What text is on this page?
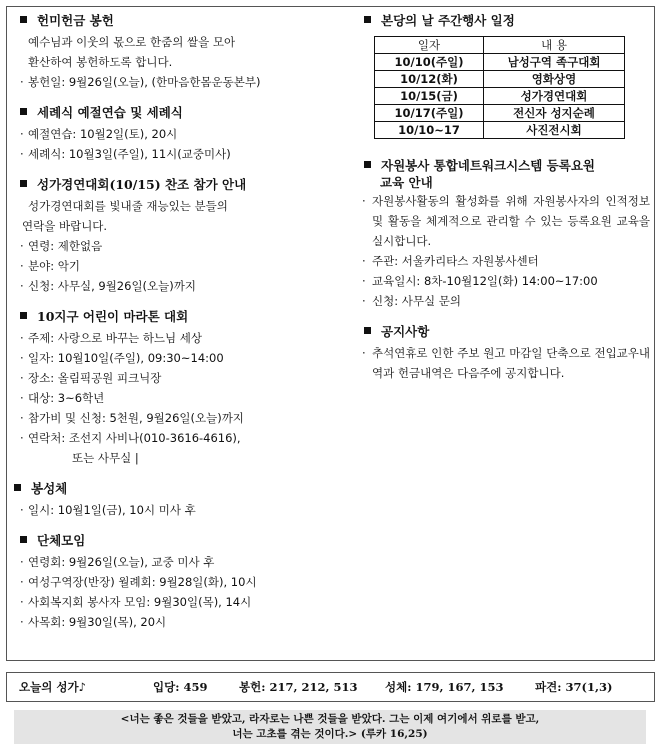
헌미헌금 봉헌
예수님과 이웃의 몫으로 한줌의 쌀을 모아
환산하여 봉헌하도록 합니다.
· 봉헌일: 9월26일(오늘), (한마음한몸운동본부)
세례식 예절연습 및 세례식
· 예절연습: 10월2일(토), 20시
· 세례식: 10월3일(주일), 11시(교중미사)
성가경연대회(10/15) 찬조 참가 안내
성가경연대회를 빛내줄 재능있는 분들의
연락을 바랍니다.
· 연령: 제한없음
· 분야: 악기
· 신청: 사무실, 9월26일(오늘)까지
10지구 어린이 마라톤 대회
· 주제: 사랑으로 바꾸는 하느님 세상
· 일자: 10월10일(주일), 09:30~14:00
· 장소: 올림픽공원 피크닉장
· 대상: 3~6학년
· 참가비 및 신청: 5천원, 9월26일(오늘)까지
· 연락처: 조선지 사비나(010-3616-4616),
또는 사무실 |
봉성체
· 일시: 10월1일(금), 10시 미사 후
단체모임
· 연령회: 9월26일(오늘), 교중 미사 후
· 여성구역장(반장) 월례회: 9월28일(화), 10시
· 사회복지회 봉사자 모임: 9월30일(목), 14시
· 사목회: 9월30일(목), 20시
본당의 날 주간행사 일정
일자	내 용
10/10(주일)	남성구역 족구대회
10/12(화)	영화상영
10/15(금)	성가경연대회
10/17(주일)	전신자 성지순례
10/10~17	사진전시회
자원봉사 통합네트워크시스템 등록요원
교육 안내
· 자원봉사활동의 활성화를 위해 자원봉사자의 인적정보 및 활동을 체계적으로 관리할 수 있는 등록요원 교육을 실시합니다.
· 주관: 서울카리타스 자원봉사센터
· 교육일시: 8차-10월12일(화) 14:00~17:00
· 신청: 사무실 문의
공지사항
· 추석연휴로 인한 주보 원고 마감일 단축으로 전입교우내역과 헌금내역은 다음주에 공지합니다.
오늘의 성가♪	입당: 459	봉헌: 217, 212, 513 성체: 179, 167, 153	파견: 37(1,3)
<너는 좋은 것들을 받았고, 라자로는 나쁜 것들을 받았다. 그는 이제 여기에서 위로를 받고,
너는 고초를 겪는 것이다.> (루카 16,25)
